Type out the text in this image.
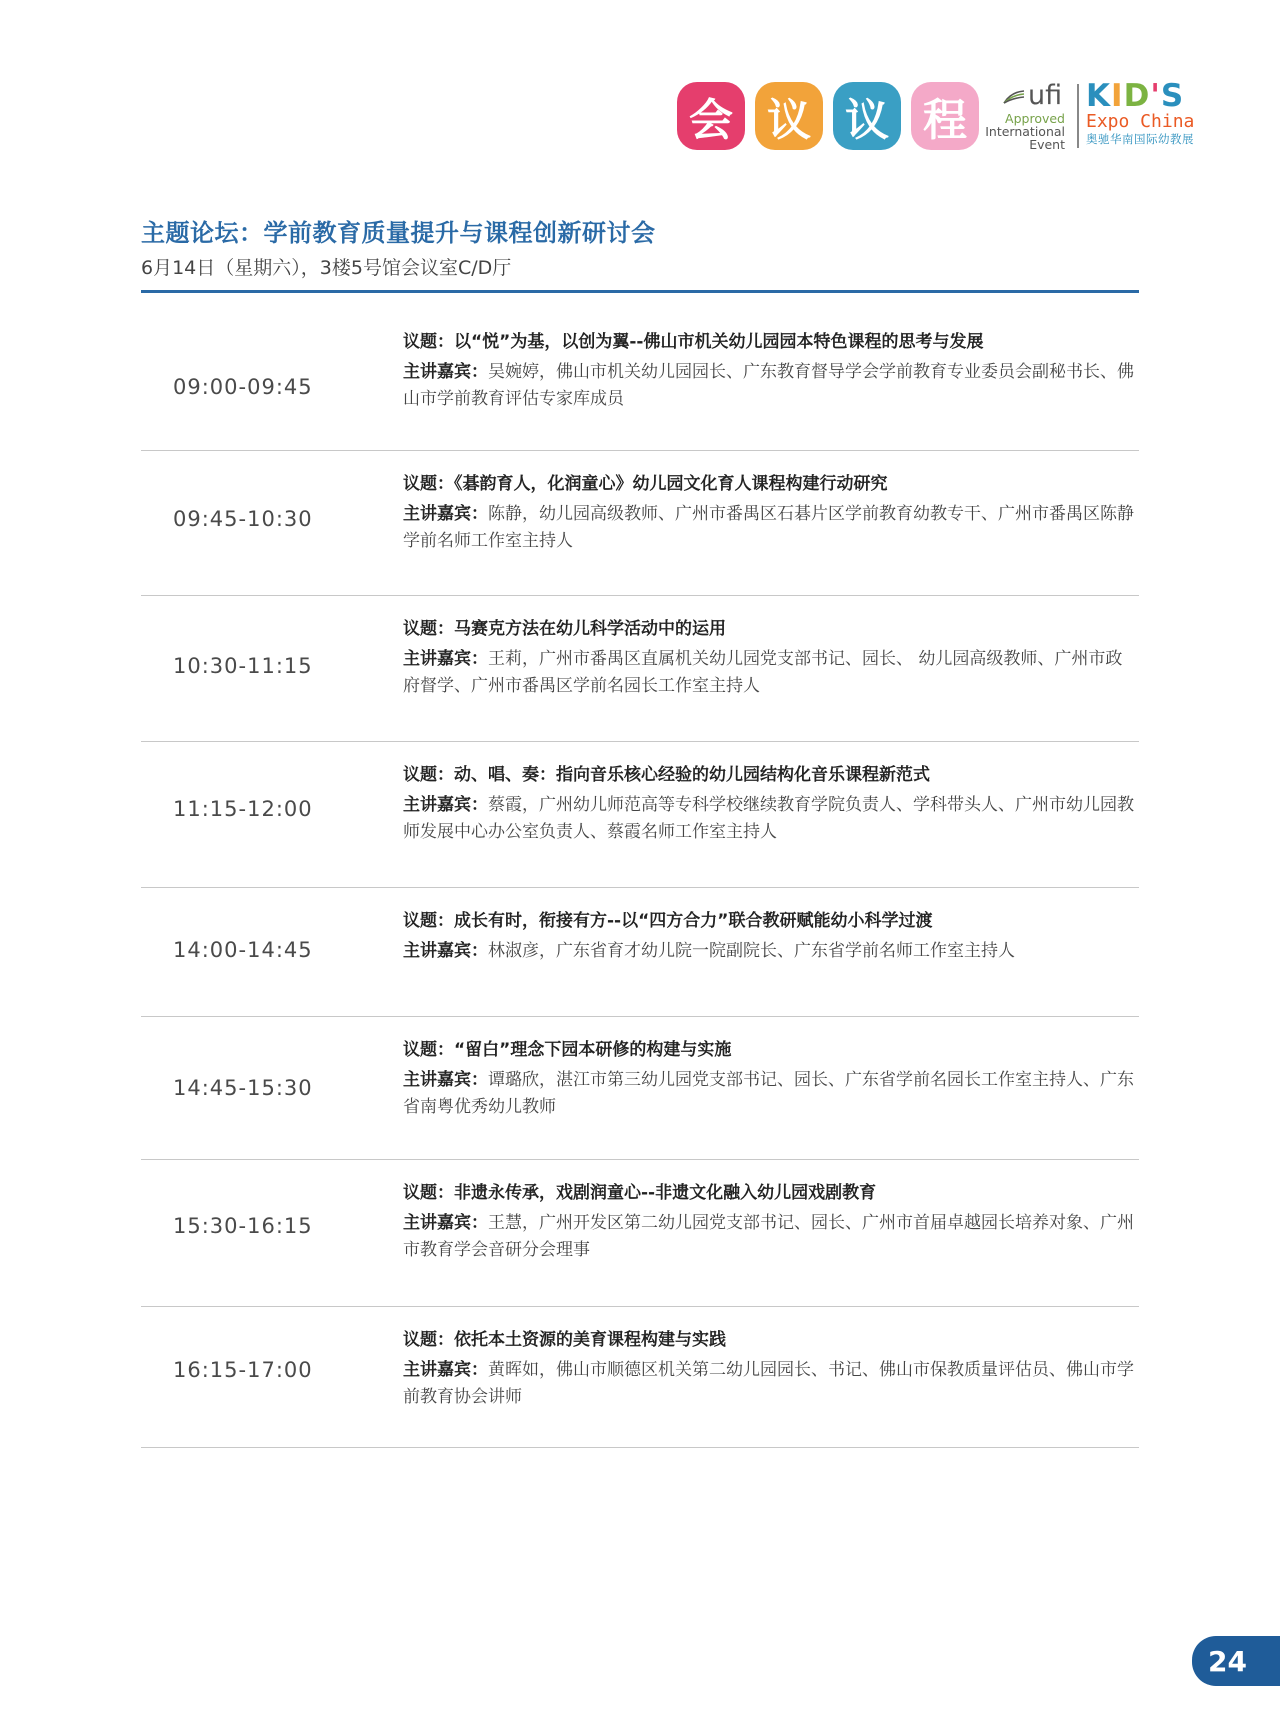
会 议 议 程	ufi
Approved
International
Event
K I D ' S
Expo China
奥驰华南国际幼教展
主题论坛：学前教育质量提升与课程创新研讨会
6月14日（星期六），3楼5号馆会议室C/D厅
09:00-09:45
议题：以“悦”为基，以创为翼--佛山市机关幼儿园园本特色课程的思考与发展
主讲嘉宾：吴婉婷，佛山市机关幼儿园园长、广东教育督导学会学前教育专业委员会副秘书长、佛山市学前教育评估专家库成员
09:45-10:30
议题：《碁韵育人，化润童心》幼儿园文化育人课程构建行动研究
主讲嘉宾：陈静，幼儿园高级教师、广州市番禺区石碁片区学前教育幼教专干、广州市番禺区陈静学前名师工作室主持人
10:30-11:15
议题：马赛克方法在幼儿科学活动中的运用
主讲嘉宾：王莉，广州市番禺区直属机关幼儿园党支部书记、园长、 幼儿园高级教师、广州市政府督学、广州市番禺区学前名园长工作室主持人
11:15-12:00
议题：动、唱、奏：指向音乐核心经验的幼儿园结构化音乐课程新范式
主讲嘉宾：蔡霞，广州幼儿师范高等专科学校继续教育学院负责人、学科带头人、广州市幼儿园教师发展中心办公室负责人、蔡霞名师工作室主持人
14:00-14:45
议题：成长有时，衔接有方--以“四方合力”联合教研赋能幼小科学过渡
主讲嘉宾：林淑彦，广东省育才幼儿院一院副院长、广东省学前名师工作室主持人
14:45-15:30
议题：“留白”理念下园本研修的构建与实施
主讲嘉宾：谭璐欣，湛江市第三幼儿园党支部书记、园长、广东省学前名园长工作室主持人、广东省南粤优秀幼儿教师
15:30-16:15
议题：非遗永传承，戏剧润童心--非遗文化融入幼儿园戏剧教育
主讲嘉宾：王慧，广州开发区第二幼儿园党支部书记、园长、广州市首届卓越园长培养对象、广州市教育学会音研分会理事
16:15-17:00
议题：依托本土资源的美育课程构建与实践
主讲嘉宾：黄晖如，佛山市顺德区机关第二幼儿园园长、书记、佛山市保教质量评估员、佛山市学前教育协会讲师
24
